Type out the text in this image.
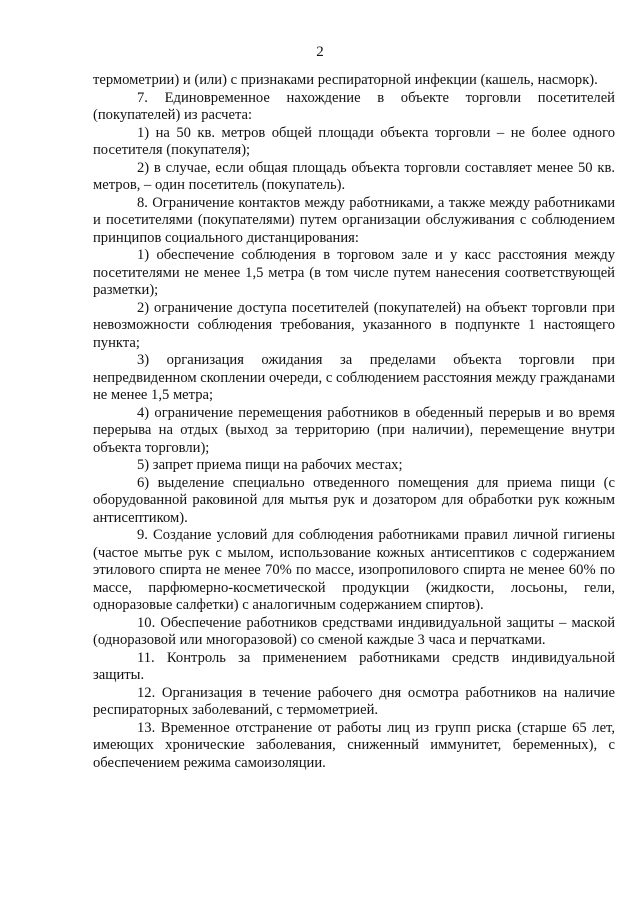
2

термометрии) и (или) с признаками респираторной инфекции (кашель, насморк).

7. Единовременное нахождение в объекте торговли посетителей (покупателей) из расчета:

1) на 50 кв. метров общей площади объекта торговли – не более одного посетителя (покупателя);

2) в случае, если общая площадь объекта торговли составляет менее 50 кв. метров, – один посетитель (покупатель).

8. Ограничение контактов между работниками, а также между работниками и посетителями (покупателями) путем организации обслуживания с соблюдением принципов социального дистанцирования:

1) обеспечение соблюдения в торговом зале и у касс расстояния между посетителями не менее 1,5 метра (в том числе путем нанесения соответствующей разметки);

2) ограничение доступа посетителей (покупателей) на объект торговли при невозможности соблюдения требования, указанного в подпункте 1 настоящего пункта;

3) организация ожидания за пределами объекта торговли при непредвиденном скоплении очереди, с соблюдением расстояния между гражданами не менее 1,5 метра;

4) ограничение перемещения работников в обеденный перерыв и во время перерыва на отдых (выход за территорию (при наличии), перемещение внутри объекта торговли);

5) запрет приема пищи на рабочих местах;

6) выделение специально отведенного помещения для приема пищи (с оборудованной раковиной для мытья рук и дозатором для обработки рук кожным антисептиком).

9. Создание условий для соблюдения работниками правил личной гигиены (частое мытье рук с мылом, использование кожных антисептиков с содержанием этилового спирта не менее 70% по массе, изопропилового спирта не менее 60% по массе, парфюмерно-косметической продукции (жидкости, лосьоны, гели, одноразовые салфетки) с аналогичным содержанием спиртов).

10. Обеспечение работников средствами индивидуальной защиты – маской (одноразовой или многоразовой) со сменой каждые 3 часа и перчатками.

11. Контроль за применением работниками средств индивидуальной защиты.

12. Организация в течение рабочего дня осмотра работников на наличие респираторных заболеваний, с термометрией.

13. Временное отстранение от работы лиц из групп риска (старше 65 лет, имеющих хронические заболевания, сниженный иммунитет, беременных), с обеспечением режима самоизоляции.
